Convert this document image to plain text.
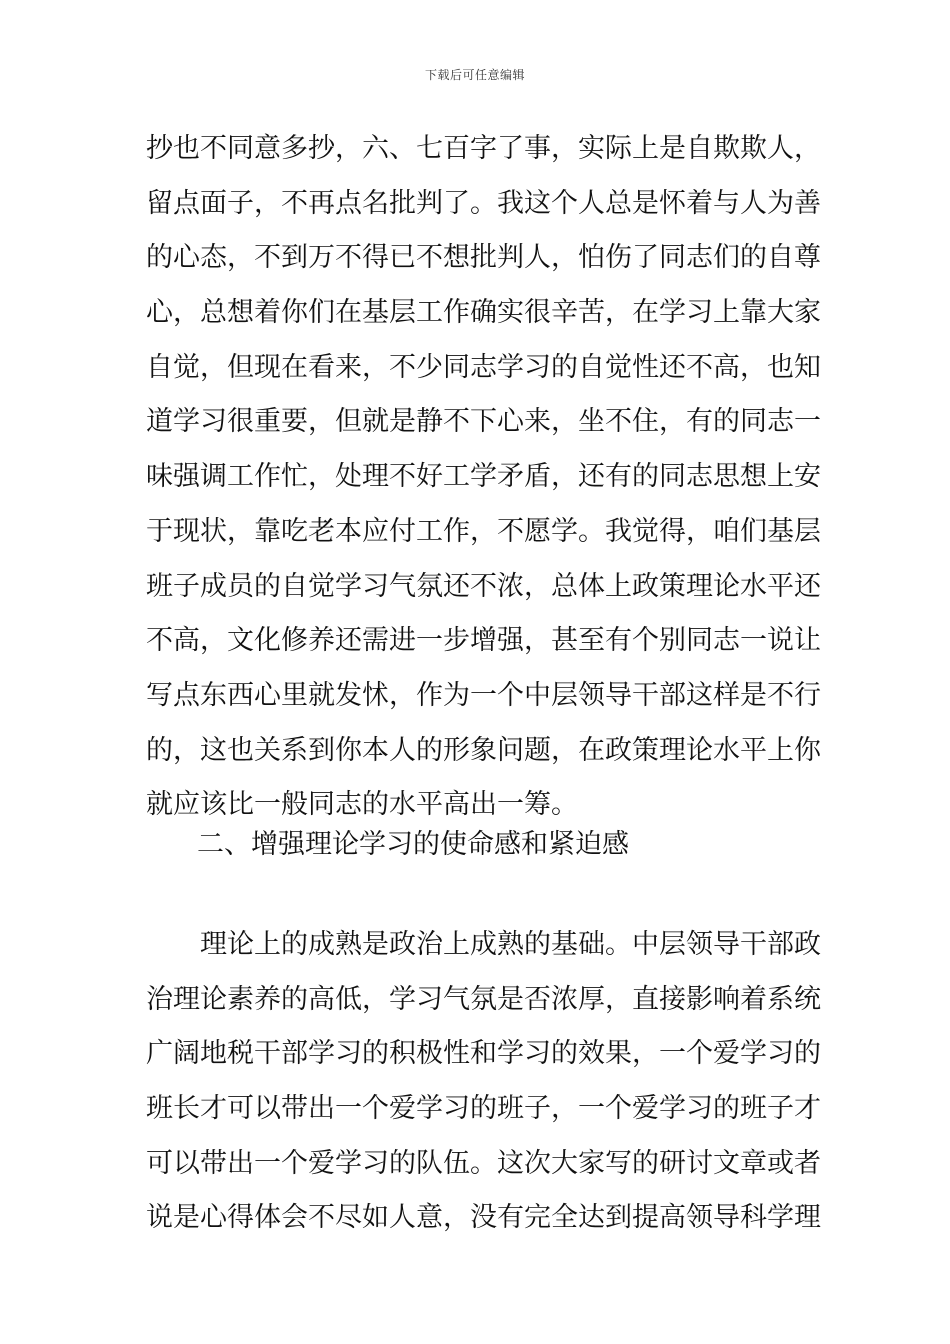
下载后可任意编辑
抄也不同意多抄，六、七百字了事，实际上是自欺欺人，
留点面子，不再点名批判了。我这个人总是怀着与人为善
的心态，不到万不得已不想批判人，怕伤了同志们的自尊
心，总想着你们在基层工作确实很辛苦，在学习上靠大家
自觉，但现在看来，不少同志学习的自觉性还不高，也知
道学习很重要，但就是静不下心来，坐不住，有的同志一
味强调工作忙，处理不好工学矛盾，还有的同志思想上安
于现状，靠吃老本应付工作，不愿学。我觉得，咱们基层
班子成员的自觉学习气氛还不浓，总体上政策理论水平还
不高，文化修养还需进一步增强，甚至有个别同志一说让
写点东西心里就发怵，作为一个中层领导干部这样是不行
的，这也关系到你本人的形象问题，在政策理论水平上你
就应该比一般同志的水平高出一筹。
二、增强理论学习的使命感和紧迫感
　　理论上的成熟是政治上成熟的基础。中层领导干部政
治理论素养的高低，学习气氛是否浓厚，直接影响着系统
广阔地税干部学习的积极性和学习的效果，一个爱学习的
班长才可以带出一个爱学习的班子，一个爱学习的班子才
可以带出一个爱学习的队伍。这次大家写的研讨文章或者
说是心得体会不尽如人意，没有完全达到提高领导科学理
